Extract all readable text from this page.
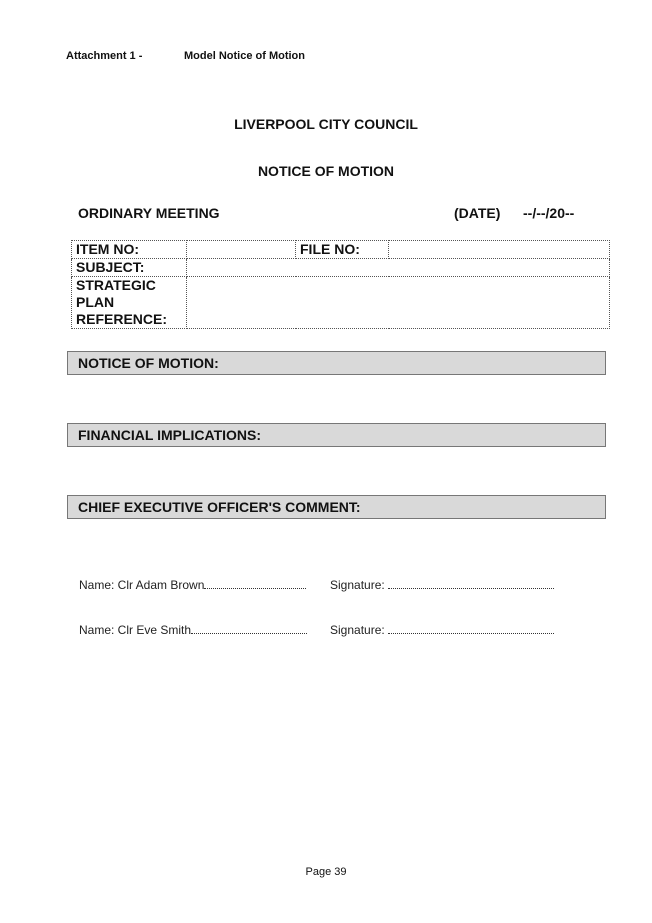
Attachment 1 -	Model Notice of Motion
LIVERPOOL CITY COUNCIL
NOTICE OF MOTION
ORDINARY MEETING	(DATE) --/--/20--
ITEM NO:		FILE NO:	
SUBJECT:			

STRATEGIC
PLAN
REFERENCE:			

NOTICE OF MOTION:
FINANCIAL IMPLICATIONS:
CHIEF EXECUTIVE OFFICER'S COMMENT:
Name: Clr Adam Brown	Signature:
Name: Clr Eve Smith	Signature:
Page 39
